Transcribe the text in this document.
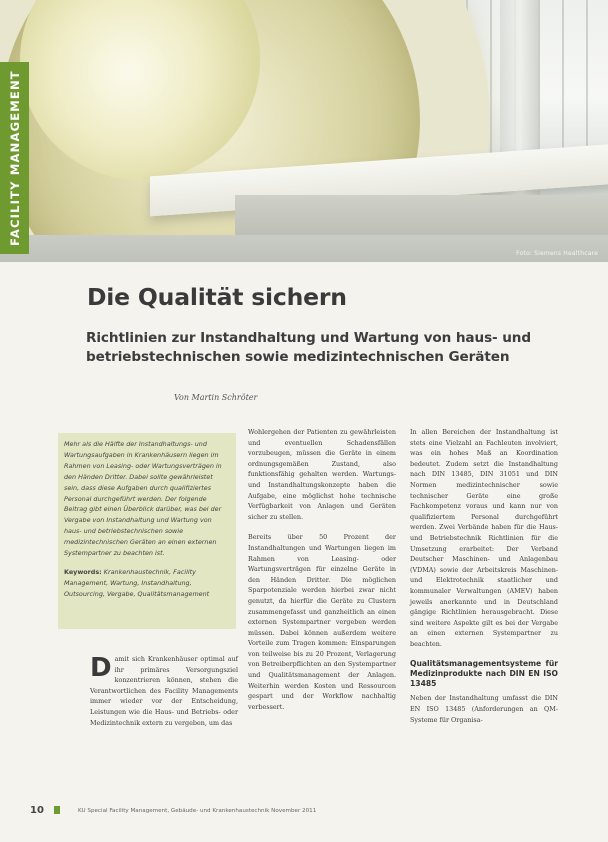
Foto: Siemens Healthcare
FACILITY MANAGEMENT
Die Qualität sichern
Richtlinien zur Instandhaltung und Wartung von haus- und betriebstechnischen sowie medizintechnischen Geräten
Von Martin Schröter

Mehr als die Hälfte der Instandhaltungs- und Wartungsaufgaben in Krankenhäusern liegen im Rahmen von Leasing- oder Wartungsverträgen in den Händen Dritter. Dabei sollte gewährleistet sein, dass diese Aufgaben durch qualifiziertes Personal durchgeführt werden. Der folgende Beitrag gibt einen Überblick darüber, was bei der Vergabe von Instandhaltung und Wartung von haus- und betriebstechnischen sowie medizintechnischen Geräten an einen externen Systempartner zu beachten ist.

Keywords: Krankenhaustechnik, Facility Management, Wartung, Instandhaltung, Outsourcing, Vergabe, Qualitätsmanagement

D amit sich Krankenhäuser optimal auf ihr primäres Versorgungsziel konzentrieren können, stehen die Verantwortlichen des Facility Managements immer wieder vor der Entscheidung, Leistungen wie die Haus- und Betriebs- oder Medizintechnik extern zu vergeben, um das

Wohlergehen der Patienten zu gewährleisten und eventuellen Schadensfällen vorzubeugen, müssen die Geräte in einem ordnungsgemäßen Zustand, also funktionsfähig gehalten werden. Wartungs- und Instandhaltungskonzepte haben die Aufgabe, eine möglichst hohe technische Verfügbarkeit von Anlagen und Geräten sicher zu stellen.

Bereits über 50 Prozent der Instandhaltungen und Wartungen liegen im Rahmen von Leasing- oder Wartungsverträgen für einzelne Geräte in den Händen Dritter. Die möglichen Sparpotenziale werden hierbei zwar nicht genutzt, da hierfür die Geräte zu Clustern zusammengefasst und ganzheitlich an einen externen Systempartner vergeben werden müssen. Dabei können außerdem weitere Vorteile zum Tragen kommen: Einsparungen von teilweise bis zu 20 Prozent, Verlagerung von Betreiberpflichten an den Systempartner und Qualitätsmanagement der Anlagen. Weiterhin werden Kosten und Ressourcen gespart und der Workflow nachhaltig verbessert.

In allen Bereichen der Instandhaltung ist stets eine Vielzahl an Fachleuten involviert, was ein hohes Maß an Koordination bedeutet. Zudem setzt die Instandhaltung nach DIN 13485, DIN 31051 und DIN Normen medizintechnischer sowie technischer Geräte eine große Fachkompetenz voraus und kann nur von qualifiziertem Personal durchgeführt werden. Zwei Verbände haben für die Haus- und Betriebstechnik Richtlinien für die Umsetzung erarbeitet: Der Verband Deutscher Maschinen- und Anlagenbau (VDMA) sowie der Arbeitskreis Maschinen- und Elektrotechnik staatlicher und kommunaler Verwaltungen (AMEV) haben jeweils anerkannte und in Deutschland gängige Richtlinien herausgebracht. Diese sind weitere Aspekte gilt es bei der Vergabe an einen externen Systempartner zu beachten.

Qualitätsmanagementsysteme für Medizinprodukte nach DIN EN ISO 13485

Neben der Instandhaltung umfasst die DIN EN ISO 13485 (Anforderungen an QM-Systeme für Organisa-

10	KU Special Facility Management, Gebäude- und Krankenhaustechnik November 2011
